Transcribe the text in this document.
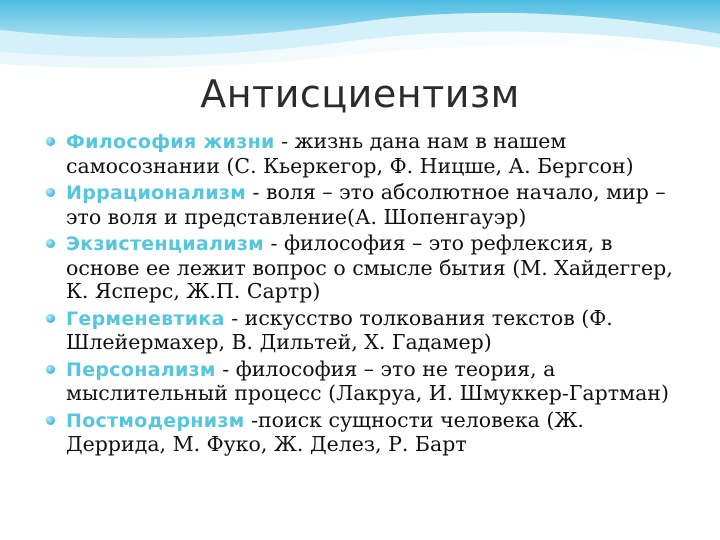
Антисциентизм
Философия жизни - жизнь дана нам в нашем самосознании (С. Кьеркегор, Ф. Ницше, А. Бергсон)
Иррационализм - воля – это абсолютное начало, мир – это воля и представление(А. Шопенгауэр)
Экзистенциализм - философия – это рефлексия, в основе ее лежит вопрос о смысле бытия (М. Хайдеггер, К. Ясперс, Ж.П. Сартр)
Герменевтика - искусство толкования текстов (Ф. Шлейермахер, В. Дильтей, Х. Гадамер)
Персонализм - философия – это не теория, а мыслительный процесс (Лакруа, И. Шмуккер-Гартман)
Постмодернизм -поиск сущности человека (Ж. Деррида, М. Фуко, Ж. Делез, Р. Барт
